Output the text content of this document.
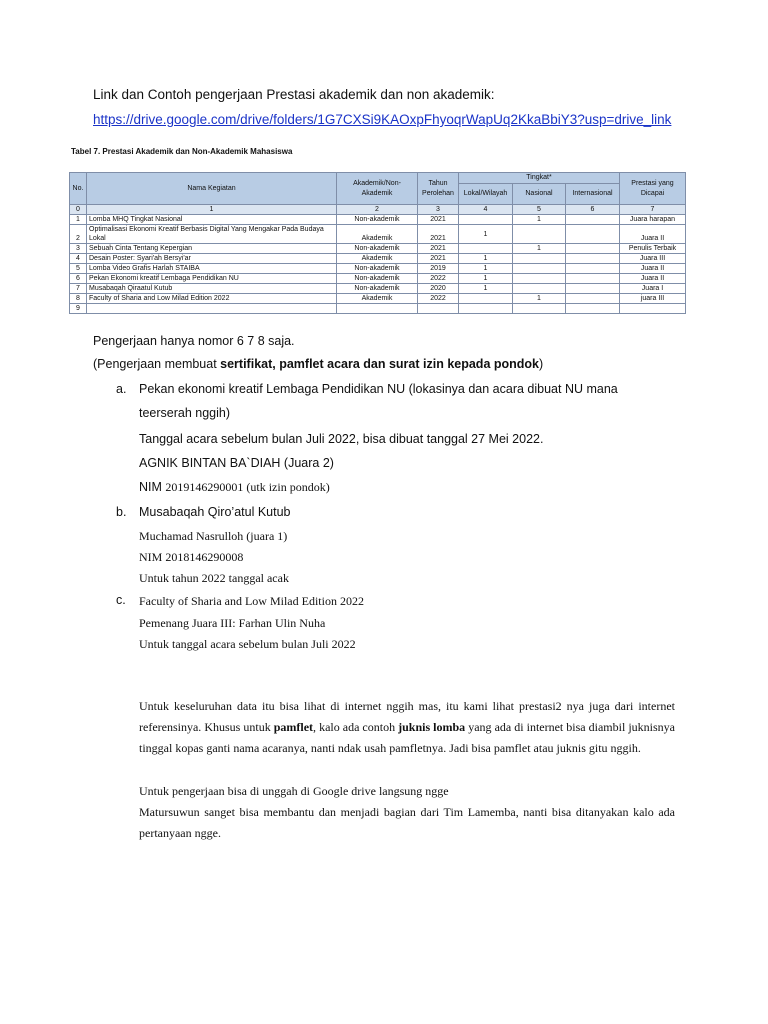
Link dan Contoh pengerjaan Prestasi akademik dan non akademik:
https://drive.google.com/drive/folders/1G7CXSi9KAOxpFhyoqrWapUq2KkaBbiY3?usp=drive_link
Tabel 7. Prestasi Akademik dan Non-Akademik Mahasiswa
No.	Nama Kegiatan	Akademik/Non-Akademik	Tahun Perolehan	Tingkat*			Prestasi yang Dicapai
				Lokal/Wilayah	Nasional	Internasional	
0	1	2	3	4	5	6	7
1	Lomba MHQ Tingkat Nasional	Non-akademik	2021		1		Juara harapan
2	Optimalisasi Ekonomi Kreatif Berbasis Digital Yang Mengakar Pada Budaya Lokal	Akademik	2021	1			Juara II
3	Sebuah Cinta Tentang Kepergian	Non-akademik	2021		1		Penulis Terbaik
4	Desain Poster: Syari'ah Bersyi'ar	Akademik	2021	1			Juara III
5	Lomba Video Grafis Harlah STAIBA	Non-akademik	2019	1			Juara II
6	Pekan Ekonomi kreatif Lembaga Pendidikan NU	Non-akademik	2022	1			Juara II
7	Musabaqah Qiraatul Kutub	Non-akademik	2020	1			Juara I
8	Faculty of Sharia and Low Milad Edition 2022	Akademik	2022		1		juara III
9							
Pengerjaan hanya nomor 6 7 8 saja.
(Pengerjaan membuat sertifikat, pamflet acara dan surat izin kepada pondok)
a. Pekan ekonomi kreatif Lembaga Pendidikan NU (lokasinya dan acara dibuat NU mana
teerserah nggih)
Tanggal acara sebelum bulan Juli 2022, bisa dibuat tanggal 27 Mei 2022.
AGNIK BINTAN BA`DIAH (Juara 2)
NIM 2019146290001 (utk izin pondok)
b. Musabaqah Qiro’atul Kutub
Muchamad Nasrulloh (juara 1)
NIM 2018146290008
Untuk tahun 2022 tanggal acak
c. Faculty of Sharia and Low Milad Edition 2022
Pemenang Juara III: Farhan Ulin Nuha
Untuk tanggal acara sebelum bulan Juli 2022
Untuk keseluruhan data itu bisa lihat di internet nggih mas, itu kami lihat prestasi2 nya juga dari internet referensinya. Khusus untuk pamflet, kalo ada contoh juknis lomba yang ada di internet bisa diambil juknisnya tinggal kopas ganti nama acaranya, nanti ndak usah pamfletnya. Jadi bisa pamflet atau juknis gitu nggih.
Untuk pengerjaan bisa di unggah di Google drive langsung ngge
Matursuwun sanget bisa membantu dan menjadi bagian dari Tim Lamemba, nanti bisa ditanyakan kalo ada pertanyaan ngge.
